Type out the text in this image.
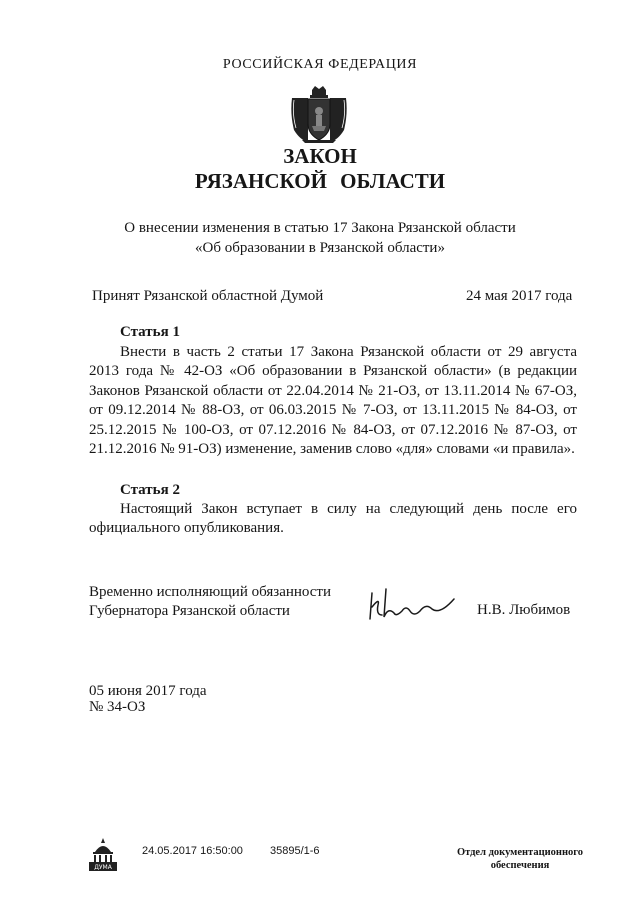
РОССИЙСКАЯ ФЕДЕРАЦИЯ
ЗАКОН
РЯЗАНСКОЙ ОБЛАСТИ
О внесении изменения в статью 17 Закона Рязанской области
«Об образовании в Рязанской области»
Принят Рязанской областной Думой	24 мая 2017 года
Статья 1

Внести в часть 2 статьи 17 Закона Рязанской области от 29 августа 2013 года № 42-ОЗ «Об образовании в Рязанской области» (в редакции Законов Рязанской области от 22.04.2014 № 21-ОЗ, от 13.11.2014 № 67-ОЗ, от 09.12.2014 № 88-ОЗ, от 06.03.2015 № 7-ОЗ, от 13.11.2015 № 84-ОЗ, от 25.12.2015 № 100-ОЗ, от 07.12.2016 № 84-ОЗ, от 07.12.2016 № 87-ОЗ, от 21.12.2016 № 91-ОЗ) изменение, заменив слово «для» словами «и правила».

Статья 2

Настоящий Закон вступает в силу на следующий день после его официального опубликования.

Временно исполняющий обязанности
Губернатора Рязанской области	Н.В. Любимов
05 июня 2017 года
№ 34-ОЗ
ДУМА
24.05.2017 16:50:00 35895/1-6	Отдел документационного
обеспечения
